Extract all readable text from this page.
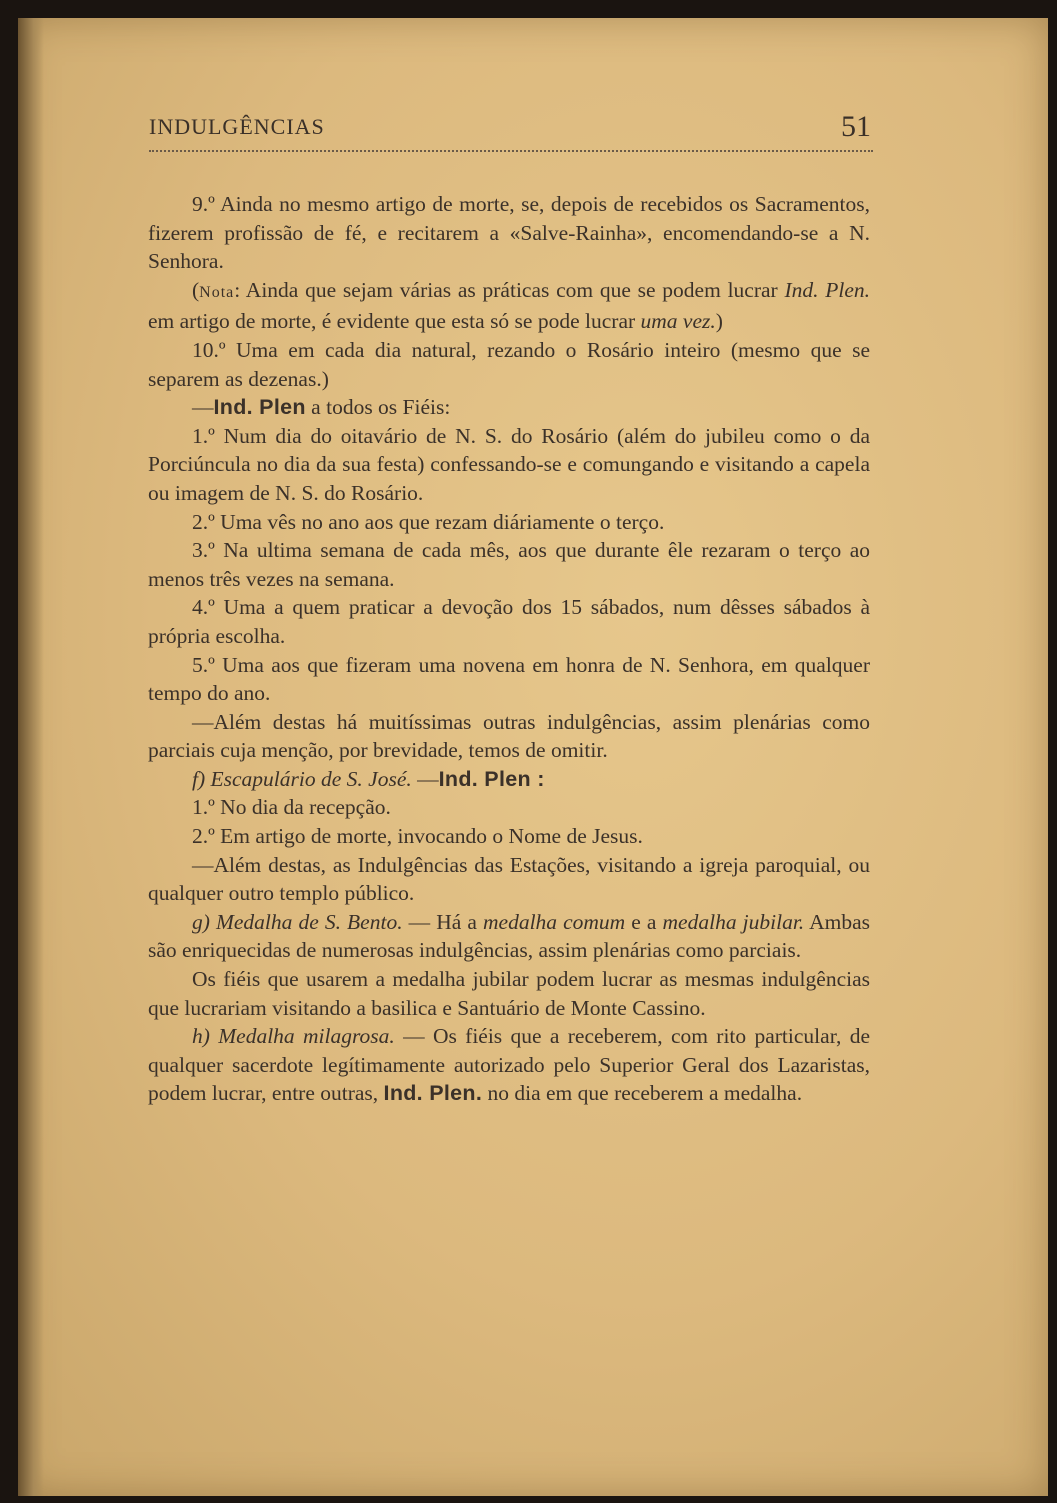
INDULGÊNCIAS	51

9.º Ainda no mesmo artigo de morte, se, depois de recebidos os Sacramentos, fizerem profissão de fé, e recitarem a «Salve-Rainha», encomendando-se a N. Senhora.

(Nota: Ainda que sejam várias as práticas com que se podem lucrar Ind. Plen. em artigo de morte, é evidente que esta só se pode lucrar uma vez.)

10.º Uma em cada dia natural, rezando o Rosário inteiro (mesmo que se separem as dezenas.)

—Ind. Plen a todos os Fiéis:

1.º Num dia do oitavário de N. S. do Rosário (além do jubileu como o da Porciúncula no dia da sua festa) confessando-se e comungando e visitando a capela ou imagem de N. S. do Rosário.

2.º Uma vês no ano aos que rezam diáriamente o terço.

3.º Na ultima semana de cada mês, aos que durante êle rezaram o terço ao menos três vezes na semana.

4.º Uma a quem praticar a devoção dos 15 sábados, num dêsses sábados à própria escolha.

5.º Uma aos que fizeram uma novena em honra de N. Senhora, em qualquer tempo do ano.

—Além destas há muitíssimas outras indulgências, assim plenárias como parciais cuja menção, por brevidade, temos de omitir.

f) Escapulário de S. José. —Ind. Plen :

1.º No dia da recepção.

2.º Em artigo de morte, invocando o Nome de Jesus.

—Além destas, as Indulgências das Estações, visitando a igreja paroquial, ou qualquer outro templo público.

g) Medalha de S. Bento. — Há a medalha comum e a medalha jubilar. Ambas são enriquecidas de numerosas indulgências, assim plenárias como parciais.

Os fiéis que usarem a medalha jubilar podem lucrar as mesmas indulgências que lucrariam visitando a basilica e Santuário de Monte Cassino.

h) Medalha milagrosa. — Os fiéis que a receberem, com rito particular, de qualquer sacerdote legítimamente autorizado pelo Superior Geral dos Lazaristas, podem lucrar, entre outras, Ind. Plen. no dia em que receberem a medalha.
